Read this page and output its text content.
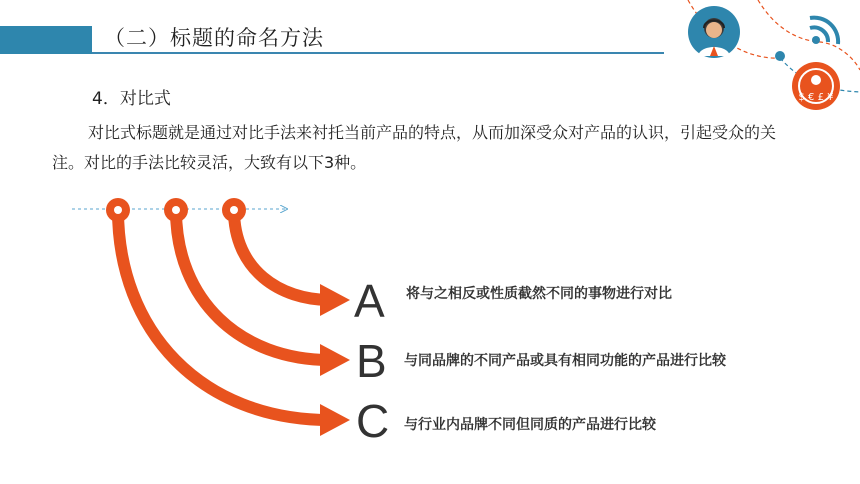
（二）标题的命名方法
4．对比式
对比式标题就是通过对比手法来衬托当前产品的特点，从而加深受众对产品的认识，引起受众的关注。对比的手法比较灵活，大致有以下3种。
A 将与之相反或性质截然不同的事物进行对比
B 与同品牌的不同产品或具有相同功能的产品进行比较
C 与行业内品牌不同但同质的产品进行比较
$ € £ ¥
